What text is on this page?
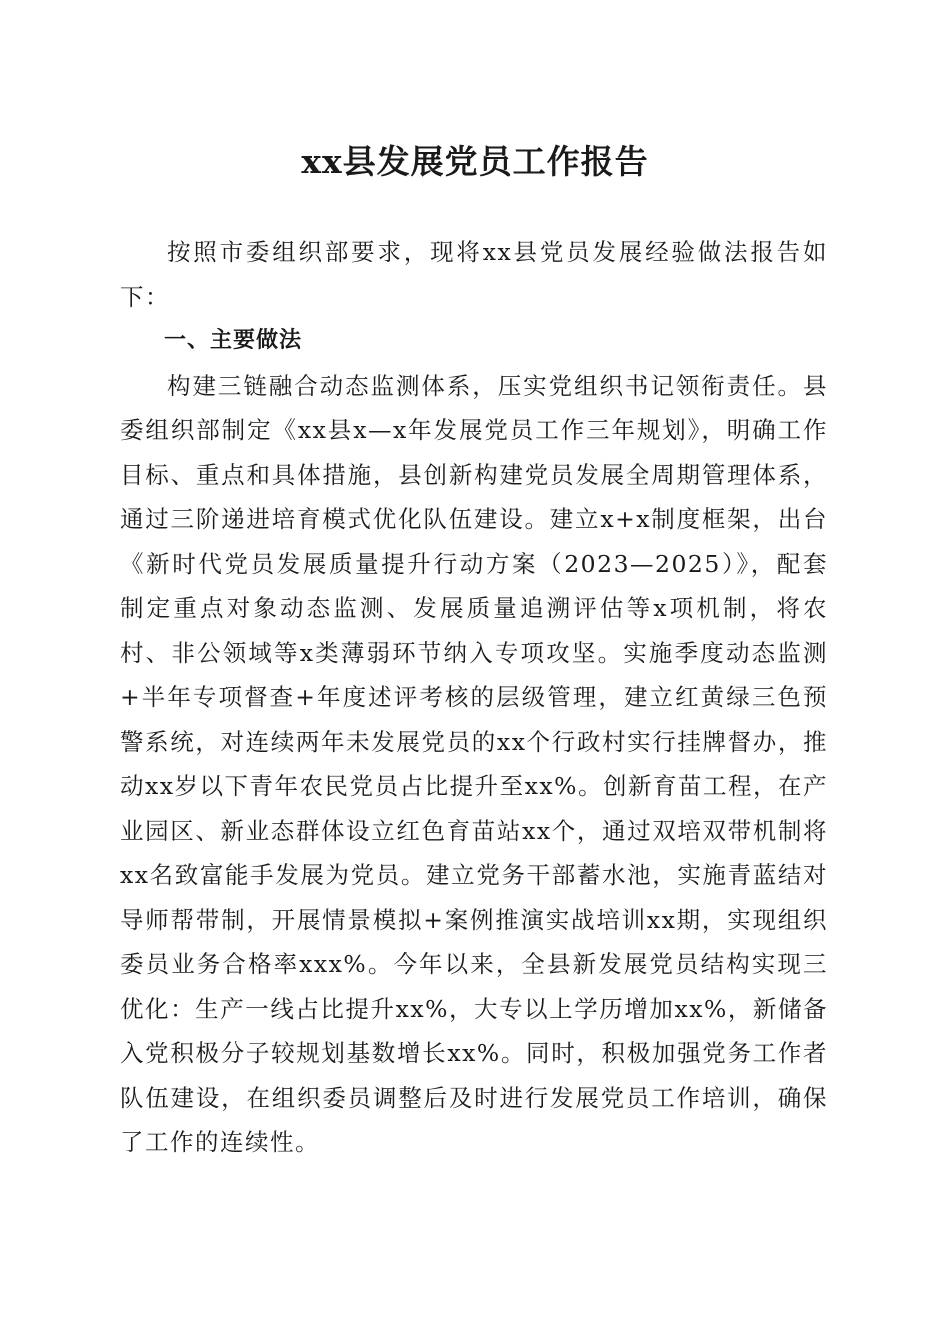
xx县发展党员工作报告

按照市委组织部要求，现将xx县党员发展经验做法报告如下：

一、主要做法

构建三链融合动态监测体系，压实党组织书记领衔责任。县委组织部制定《xx县x—x年发展党员工作三年规划》，明确工作目标、重点和具体措施，县创新构建党员发展全周期管理体系，通过三阶递进培育模式优化队伍建设。建立x+x制度框架，出台《新时代党员发展质量提升行动方案（2023—2025）》，配套制定重点对象动态监测、发展质量追溯评估等x项机制，将农村、非公领域等x类薄弱环节纳入专项攻坚。实施季度动态监测+半年专项督查+年度述评考核的层级管理，建立红黄绿三色预警系统，对连续两年未发展党员的xx个行政村实行挂牌督办，推动xx岁以下青年农民党员占比提升至xx%。创新育苗工程，在产业园区、新业态群体设立红色育苗站xx个，通过双培双带机制将xx名致富能手发展为党员。建立党务干部蓄水池，实施青蓝结对导师帮带制，开展情景模拟+案例推演实战培训xx期，实现组织委员业务合格率xxx%。今年以来，全县新发展党员结构实现三优化：生产一线占比提升xx%，大专以上学历增加xx%，新储备入党积极分子较规划基数增长xx%。同时，积极加强党务工作者队伍建设，在组织委员调整后及时进行发展党员工作培训，确保了工作的连续性。
